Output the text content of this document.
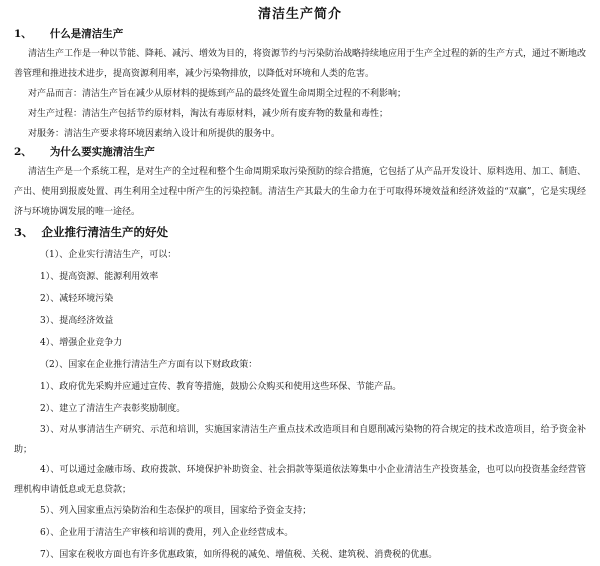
清洁生产简介
1、 什么是清洁生产

清洁生产工作是一种以节能、降耗、减污、增效为目的，将资源节约与污染防治战略持续地应用于生产全过程的新的生产方式，通过不断地改善管理和推进技术进步，提高资源利用率，减少污染物排放，以降低对环境和人类的危害。

对产品而言：清洁生产旨在减少从原材料的提炼到产品的最终处置生命周期全过程的不利影响；

对生产过程：清洁生产包括节约原材料，淘汰有毒原材料，减少所有废弃物的数量和毒性；

对服务：清洁生产要求将环境因素纳入设计和所提供的服务中。

2、 为什么要实施清洁生产

清洁生产是一个系统工程，是对生产的全过程和整个生命周期采取污染预防的综合措施，它包括了从产品开发设计、原料选用、加工、制造、产出、使用到报废处置、再生利用全过程中所产生的污染控制。清洁生产其最大的生命力在于可取得环境效益和经济效益的“双赢”，它是实现经济与环境协调发展的唯一途径。

3、 企业推行清洁生产的好处

（1）、企业实行清洁生产，可以：

1）、提高资源、能源利用效率

2）、减轻环境污染

3）、提高经济效益

4）、增强企业竞争力

（2）、国家在企业推行清洁生产方面有以下财政政策：

1）、政府优先采购并应通过宣传、教育等措施，鼓励公众购买和使用这些环保、节能产品。

2）、建立了清洁生产表彰奖励制度。

3）、对从事清洁生产研究、示范和培训，实施国家清洁生产重点技术改造项目和自愿削减污染物的符合规定的技术改造项目，给予资金补助；

4）、可以通过金融市场、政府拨款、环境保护补助资金、社会捐款等渠道依法筹集中小企业清洁生产投资基金，也可以向投资基金经营管理机构申请低息或无息贷款；

5）、列入国家重点污染防治和生态保护的项目，国家给予资金支持；

6）、企业用于清洁生产审核和培训的费用，列入企业经营成本。

7）、国家在税收方面也有许多优惠政策，如所得税的减免、增值税、关税、建筑税、消费税的优惠。
